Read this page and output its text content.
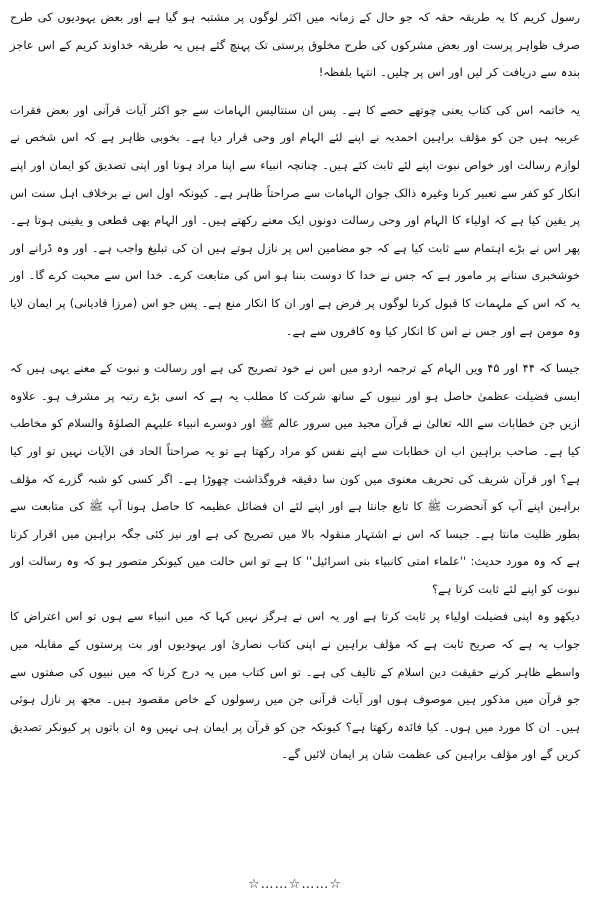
رسول کریم کا یہ طریقہ حقہ کہ جو حال کے زمانہ میں اکثر لوگوں پر مشتبہ ہو گیا ہے اور بعض یہودیوں کی طرح صرف ظواہر پرست اور بعض مشرکوں کی طرح مخلوق پرستی تک پہنچ گئے ہیں یہ طریقہ خداوند کریم کے اس عاجز بندہ سے دریافت کر لیں اور اس پر چلیں۔ انتہا بلفظہ!

یہ خاتمہ اس کی کتاب یعنی چوتھے حصے کا ہے۔ پس ان سنتالیس الہامات سے جو اکثر آیات قرآنی اور بعض فقرات عربیہ ہیں جن کو مؤلف براہین احمدیہ نے اپنے لئے الہام اور وحی قرار دیا ہے۔ بخوبی ظاہر ہے کہ اس شخص نے لوازم رسالت اور خواص نبوت اپنے لئے ثابت کئے ہیں۔ چنانچہ انبیاء سے اپنا مراد ہونا اور اپنی تصدیق کو ایمان اور اپنے انکار کو کفر سے تعبیر کرنا وغیرہ ذالک جوان الہامات سے صراحتاً ظاہر ہے۔ کیونکہ اول اس نے برخلاف اہل سنت اس پر یقین کیا ہے کہ اولیاء کا الہام اور وحی رسالت دونوں ایک معنے رکھتے ہیں۔ اور الہام بھی قطعی و یقینی ہوتا ہے۔ پھر اس نے بڑے اہتمام سے ثابت کیا ہے کہ جو مضامین اس پر نازل ہوتے ہیں ان کی تبلیغ واجب ہے۔ اور وہ ڈرانے اور خوشخبری سنانے پر مامور ہے کہ جس نے خدا کا دوست بننا ہو اس کی متابعت کرے۔ خدا اس سے محبت کرے گا۔ اور یہ کہ اس کے ملہمات کا قبول کرنا لوگوں پر فرض ہے اور ان کا انکار منع ہے۔ پس جو اس (مرزا قادیانی) پر ایمان لایا وہ مومن ہے اور جس نے اس کا انکار کیا وہ کافروں سے ہے۔

جیسا کہ ۴۴ اور ۴۵ ویں الہام کے ترجمہ اردو میں اس نے خود تصریح کی ہے اور رسالت و نبوت کے معنے یہی ہیں کہ ایسی فضیلت عظمیٰ حاصل ہو اور نبیوں کے ساتھ شرکت کا مطلب یہ ہے کہ اسی بڑے رتبہ پر مشرف ہو۔ علاوہ ازیں جن خطابات سے اللہ تعالیٰ نے قرآن مجید میں سرور عالم ﷺ اور دوسرے انبیاء علیہم الصلوٰۃ والسلام کو مخاطب کیا ہے۔ صاحب براہین اب ان خطابات سے اپنے نفس کو مراد رکھتا ہے تو یہ صراحتاً الحاد فی الآیات نہیں تو اور کیا ہے؟ اور قرآن شریف کی تحریف معنوی میں کون سا دقیقہ فروگذاشت چھوڑا ہے۔ اگر کسی کو شبہ گزرے کہ مؤلف براہین اپنے آپ کو آنحضرت ﷺ کا تابع جانتا ہے اور اپنے لئے ان فضائل عظیمہ کا حاصل ہونا آپ ﷺ کی متابعت سے بطور ظلیت مانتا ہے۔ جیسا کہ اس نے اشتہار منقولہ بالا میں تصریح کی ہے اور نیز کئی جگہ براہین میں اقرار کرتا ہے کہ وہ مورد حدیث: ''علماء امتی کانبیاء بنی اسرائیل'' کا ہے تو اس حالت میں کیونکر متصور ہو کہ وہ رسالت اور نبوت کو اپنے لئے ثابت کرتا ہے؟

دیکھو وہ اپنی فضیلت اولیاء پر ثابت کرتا ہے اور یہ اس نے ہرگز نہیں کہا کہ میں انبیاء سے ہوں تو اس اعتراض کا جواب یہ ہے کہ صریح ثابت ہے کہ مؤلف براہین نے اپنی کتاب نصاریٰ اور یہودیوں اور بت پرستوں کے مقابلہ میں واسطے ظاہر کرنے حقیقت دین اسلام کے تالیف کی ہے۔ تو اس کتاب میں یہ درج کرنا کہ میں نبیوں کی صفتوں سے جو قرآن میں مذکور ہیں موصوف ہوں اور آیات قرآنی جن میں رسولوں کے خاص مقصود ہیں۔ مجھ پر نازل ہوئی ہیں۔ ان کا مورد میں ہوں۔ کیا فائدہ رکھتا ہے؟ کیونکہ جن کو قرآن پر ایمان ہی نہیں وہ ان باتوں پر کیونکر تصدیق کریں گے اور مؤلف براہین کی عظمت شان پر ایمان لائیں گے۔

☆……☆……☆
